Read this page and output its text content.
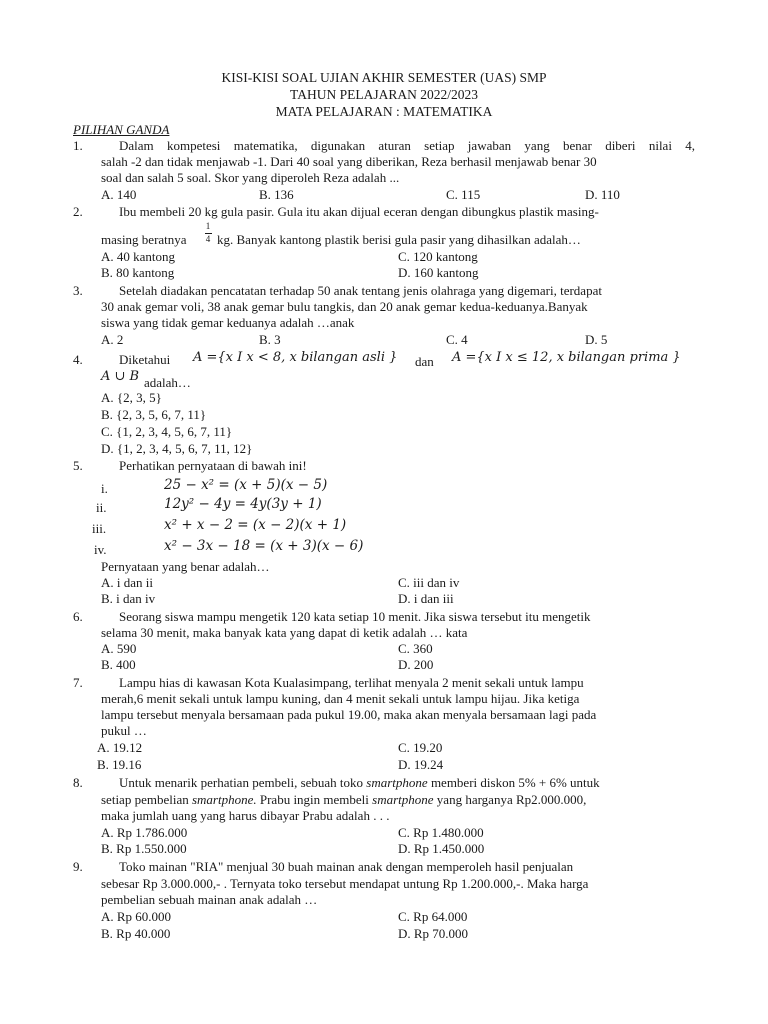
KISI-KISI SOAL UJIAN AKHIR SEMESTER (UAS) SMP
TAHUN PELAJARAN 2022/2023
MATA PELAJARAN : MATEMATIKA
PILIHAN GANDA
1.	Dalam kompetesi matematika, digunakan aturan setiap jawaban yang benar diberi nilai 4,
salah -2 dan tidak menjawab -1. Dari 40 soal yang diberikan, Reza berhasil menjawab benar 30
soal dan salah 5 soal. Skor yang diperoleh Reza adalah ...
A. 140	B. 136	C. 115	D. 110
2.	Ibu membeli 20 kg gula pasir. Gula itu akan dijual eceran dengan dibungkus plastik masing-
masing beratnya
1
4 kg. Banyak kantong plastik berisi gula pasir yang dihasilkan adalah…
A. 40 kantong	C. 120 kantong
B. 80 kantong	D. 160 kantong
3.	Setelah diadakan pencatatan terhadap 50 anak tentang jenis olahraga yang digemari, terdapat
30 anak gemar voli, 38 anak gemar bulu tangkis, dan 20 anak gemar kedua-keduanya.Banyak
siswa yang tidak gemar keduanya adalah …anak
A. 2	B. 3	C. 4	D. 5
4.	Diketahui A ={x I x < 8, x bilangan asli } dan A ={x I x ≤ 12, x bilangan prima }
A ∪ B adalah…
A. {2, 3, 5}
B. {2, 3, 5, 6, 7, 11}
C. {1, 2, 3, 4, 5, 6, 7, 11}
D. {1, 2, 3, 4, 5, 6, 7, 11, 12}
5.	Perhatikan pernyataan di bawah ini!
i.	25 − x² = (x + 5)(x − 5)
ii.	12y² − 4y = 4y(3y + 1)
iii.	x² + x − 2 = (x − 2)(x + 1)
iv.	x² − 3x − 18 = (x + 3)(x − 6)
Pernyataan yang benar adalah…
A. i dan ii	C. iii dan iv
B. i dan iv	D. i dan iii
6.	Seorang siswa mampu mengetik 120 kata setiap 10 menit. Jika siswa tersebut itu mengetik
selama 30 menit, maka banyak kata yang dapat di ketik adalah … kata
A. 590	C. 360
B. 400	D. 200
7.	Lampu hias di kawasan Kota Kualasimpang, terlihat menyala 2 menit sekali untuk lampu
merah,6 menit sekali untuk lampu kuning, dan 4 menit sekali untuk lampu hijau. Jika ketiga
lampu tersebut menyala bersamaan pada pukul 19.00, maka akan menyala bersamaan lagi pada
pukul …
A. 19.12	C. 19.20
B. 19.16	D. 19.24
8.	Untuk menarik perhatian pembeli, sebuah toko smartphone memberi diskon 5% + 6% untuk
setiap pembelian smartphone. Prabu ingin membeli smartphone yang harganya Rp2.000.000,
maka jumlah uang yang harus dibayar Prabu adalah . . .
A. Rp 1.786.000	C. Rp 1.480.000
B. Rp 1.550.000	D. Rp 1.450.000
9.	Toko mainan "RIA" menjual 30 buah mainan anak dengan memperoleh hasil penjualan
sebesar Rp 3.000.000,- . Ternyata toko tersebut mendapat untung Rp 1.200.000,-. Maka harga
pembelian sebuah mainan anak adalah …
A. Rp 60.000	C. Rp 64.000
B. Rp 40.000	D. Rp 70.000
